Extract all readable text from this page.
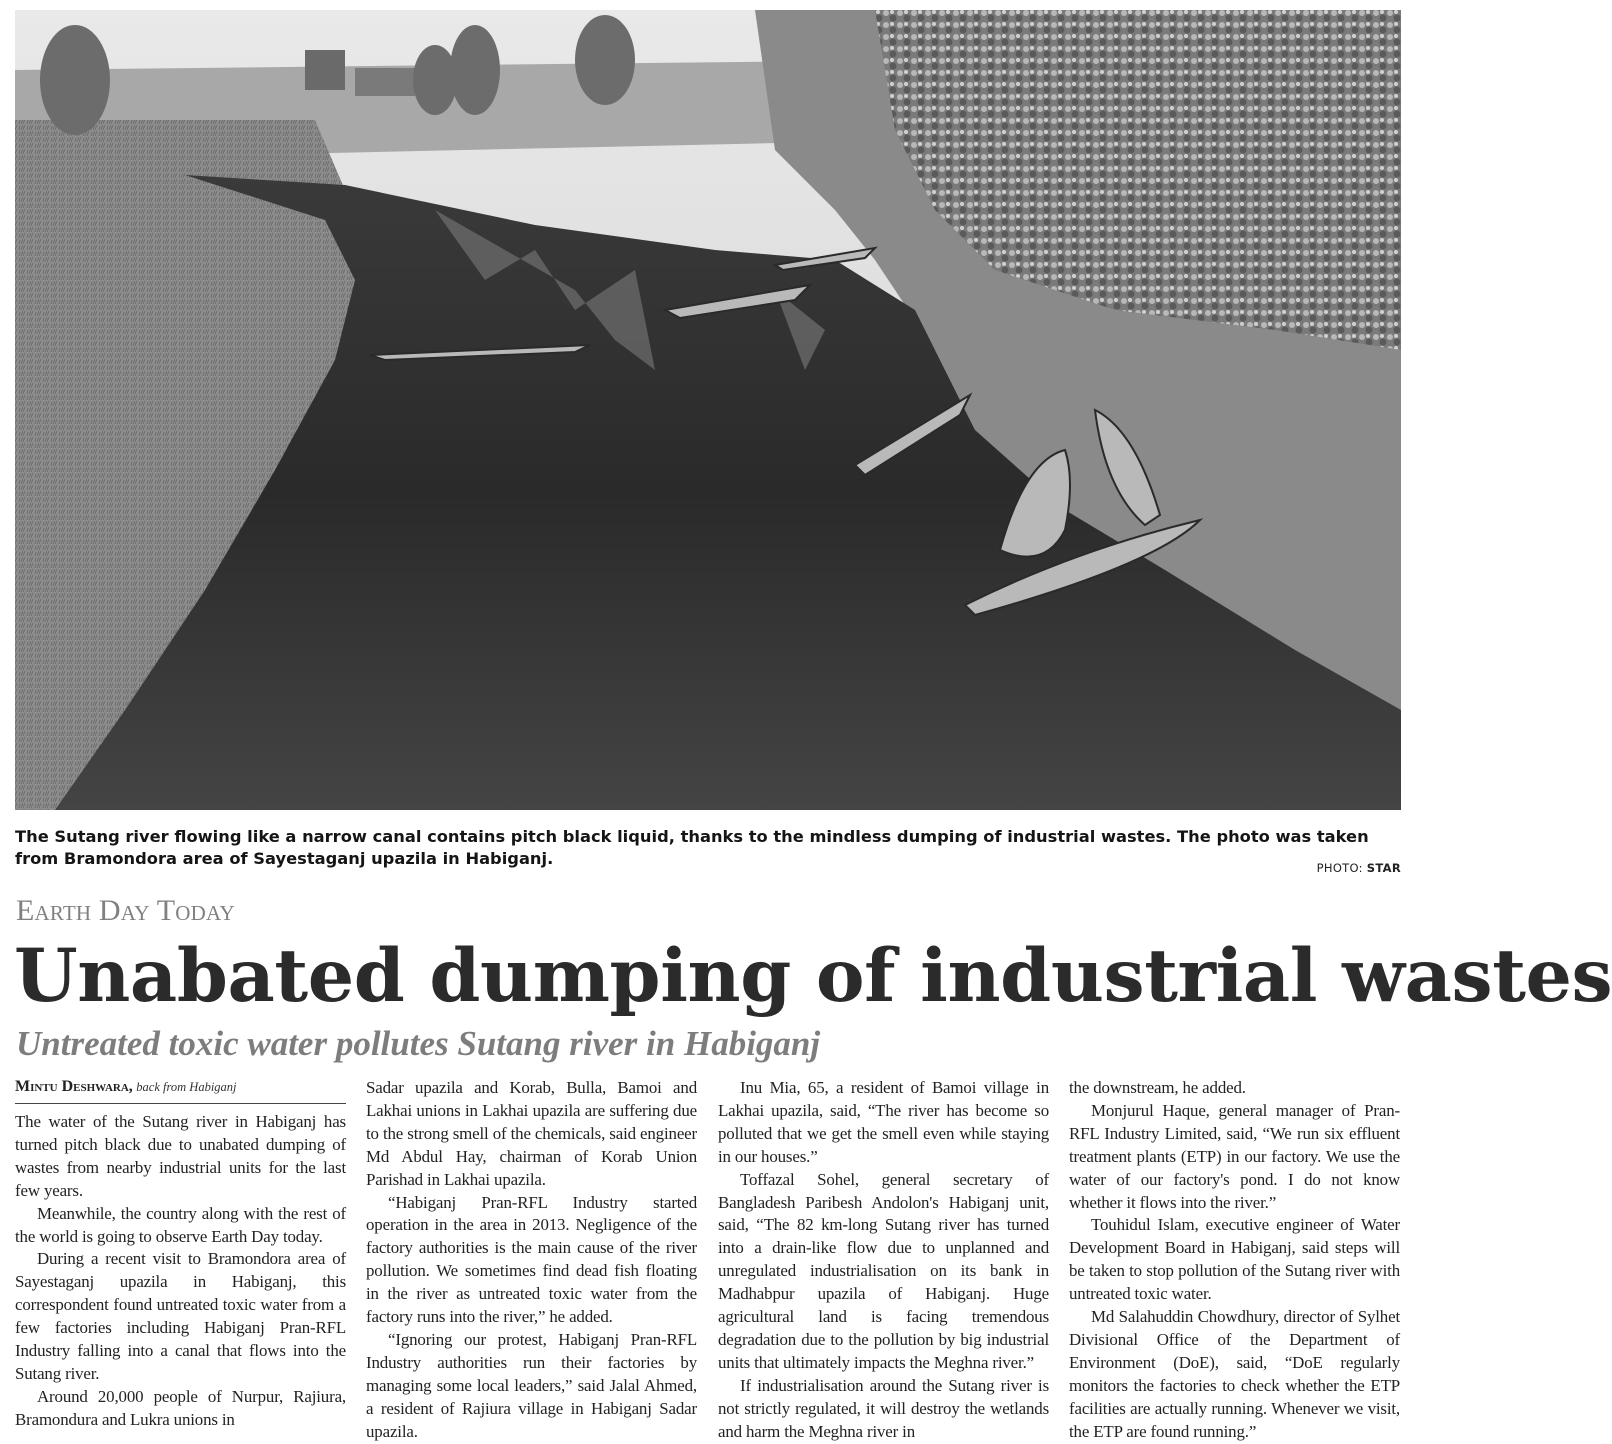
The Sutang river flowing like a narrow canal contains pitch black liquid, thanks to the mindless dumping of industrial wastes. The photo was taken from Bramondora area of Sayestaganj upazila in Habiganj.	PHOTO: STAR
Earth Day Today
Unabated dumping of industrial wastes
Untreated toxic water pollutes Sutang river in Habiganj
Mintu Deshwara, back from Habiganj

The water of the Sutang river in Habiganj has turned pitch black due to unabated dumping of wastes from nearby industrial units for the last few years.

Meanwhile, the country along with the rest of the world is going to observe Earth Day today.

During a recent visit to Bramondora area of Sayestaganj upazila in Habiganj, this correspondent found untreated toxic water from a few factories including Habiganj Pran-RFL Industry falling into a canal that flows into the Sutang river.

Around 20,000 people of Nurpur, Rajiura, Bramondura and Lukra unions in

Sadar upazila and Korab, Bulla, Bamoi and Lakhai unions in Lakhai upazila are suffering due to the strong smell of the chemicals, said engineer Md Abdul Hay, chairman of Korab Union Parishad in Lakhai upazila.

“Habiganj Pran-RFL Industry started operation in the area in 2013. Negligence of the factory authorities is the main cause of the river pollution. We sometimes find dead fish floating in the river as untreated toxic water from the factory runs into the river,” he added.

“Ignoring our protest, Habiganj Pran-RFL Industry authorities run their factories by managing some local leaders,” said Jalal Ahmed, a resident of Rajiura village in Habiganj Sadar upazila.

Inu Mia, 65, a resident of Bamoi village in Lakhai upazila, said, “The river has become so polluted that we get the smell even while staying in our houses.”

Toffazal Sohel, general secretary of Bangladesh Paribesh Andolon's Habiganj unit, said, “The 82 km-long Sutang river has turned into a drain-like flow due to unplanned and unregulated industrialisation on its bank in Madhabpur upazila of Habiganj. Huge agricultural land is facing tremendous degradation due to the pollution by big industrial units that ultimately impacts the Meghna river.”

If industrialisation around the Sutang river is not strictly regulated, it will destroy the wetlands and harm the Meghna river in

the downstream, he added.

Monjurul Haque, general manager of Pran-RFL Industry Limited, said, “We run six effluent treatment plants (ETP) in our factory. We use the water of our factory's pond. I do not know whether it flows into the river.”

Touhidul Islam, executive engineer of Water Development Board in Habiganj, said steps will be taken to stop pollution of the Sutang river with untreated toxic water.

Md Salahuddin Chowdhury, director of Sylhet Divisional Office of the Department of Environment (DoE), said, “DoE regularly monitors the factories to check whether the ETP facilities are actually running. Whenever we visit, the ETP are found running.”
